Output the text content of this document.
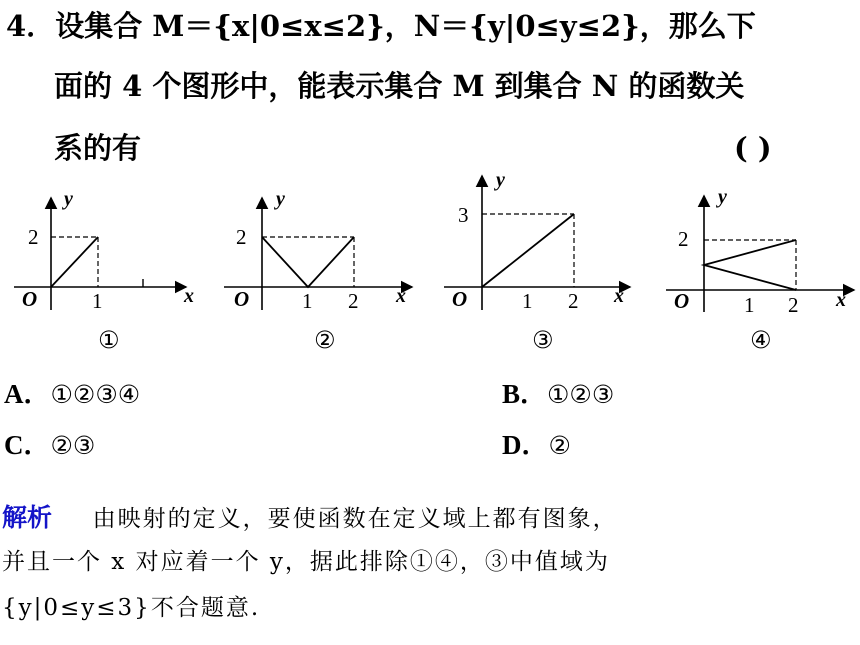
4．设集合 M＝{x|0≤x≤2}，N＝{y|0≤y≤2}，那么下
面的 4 个图形中，能表示集合 M 到集合 N 的函数关
系的有	( )
y
x
O
2
1
①
y
x
O
2
1 2
②
y
x
O
3
1 2
③
y
x
O
2
1 2
④
A．①②③④	B．①②③
C．②③	D．②
解析 由映射的定义，要使函数在定义域上都有图象，
并且一个 x 对应着一个 y，据此排除①④，③中值域为
{y|0≤y≤3}不合题意.
